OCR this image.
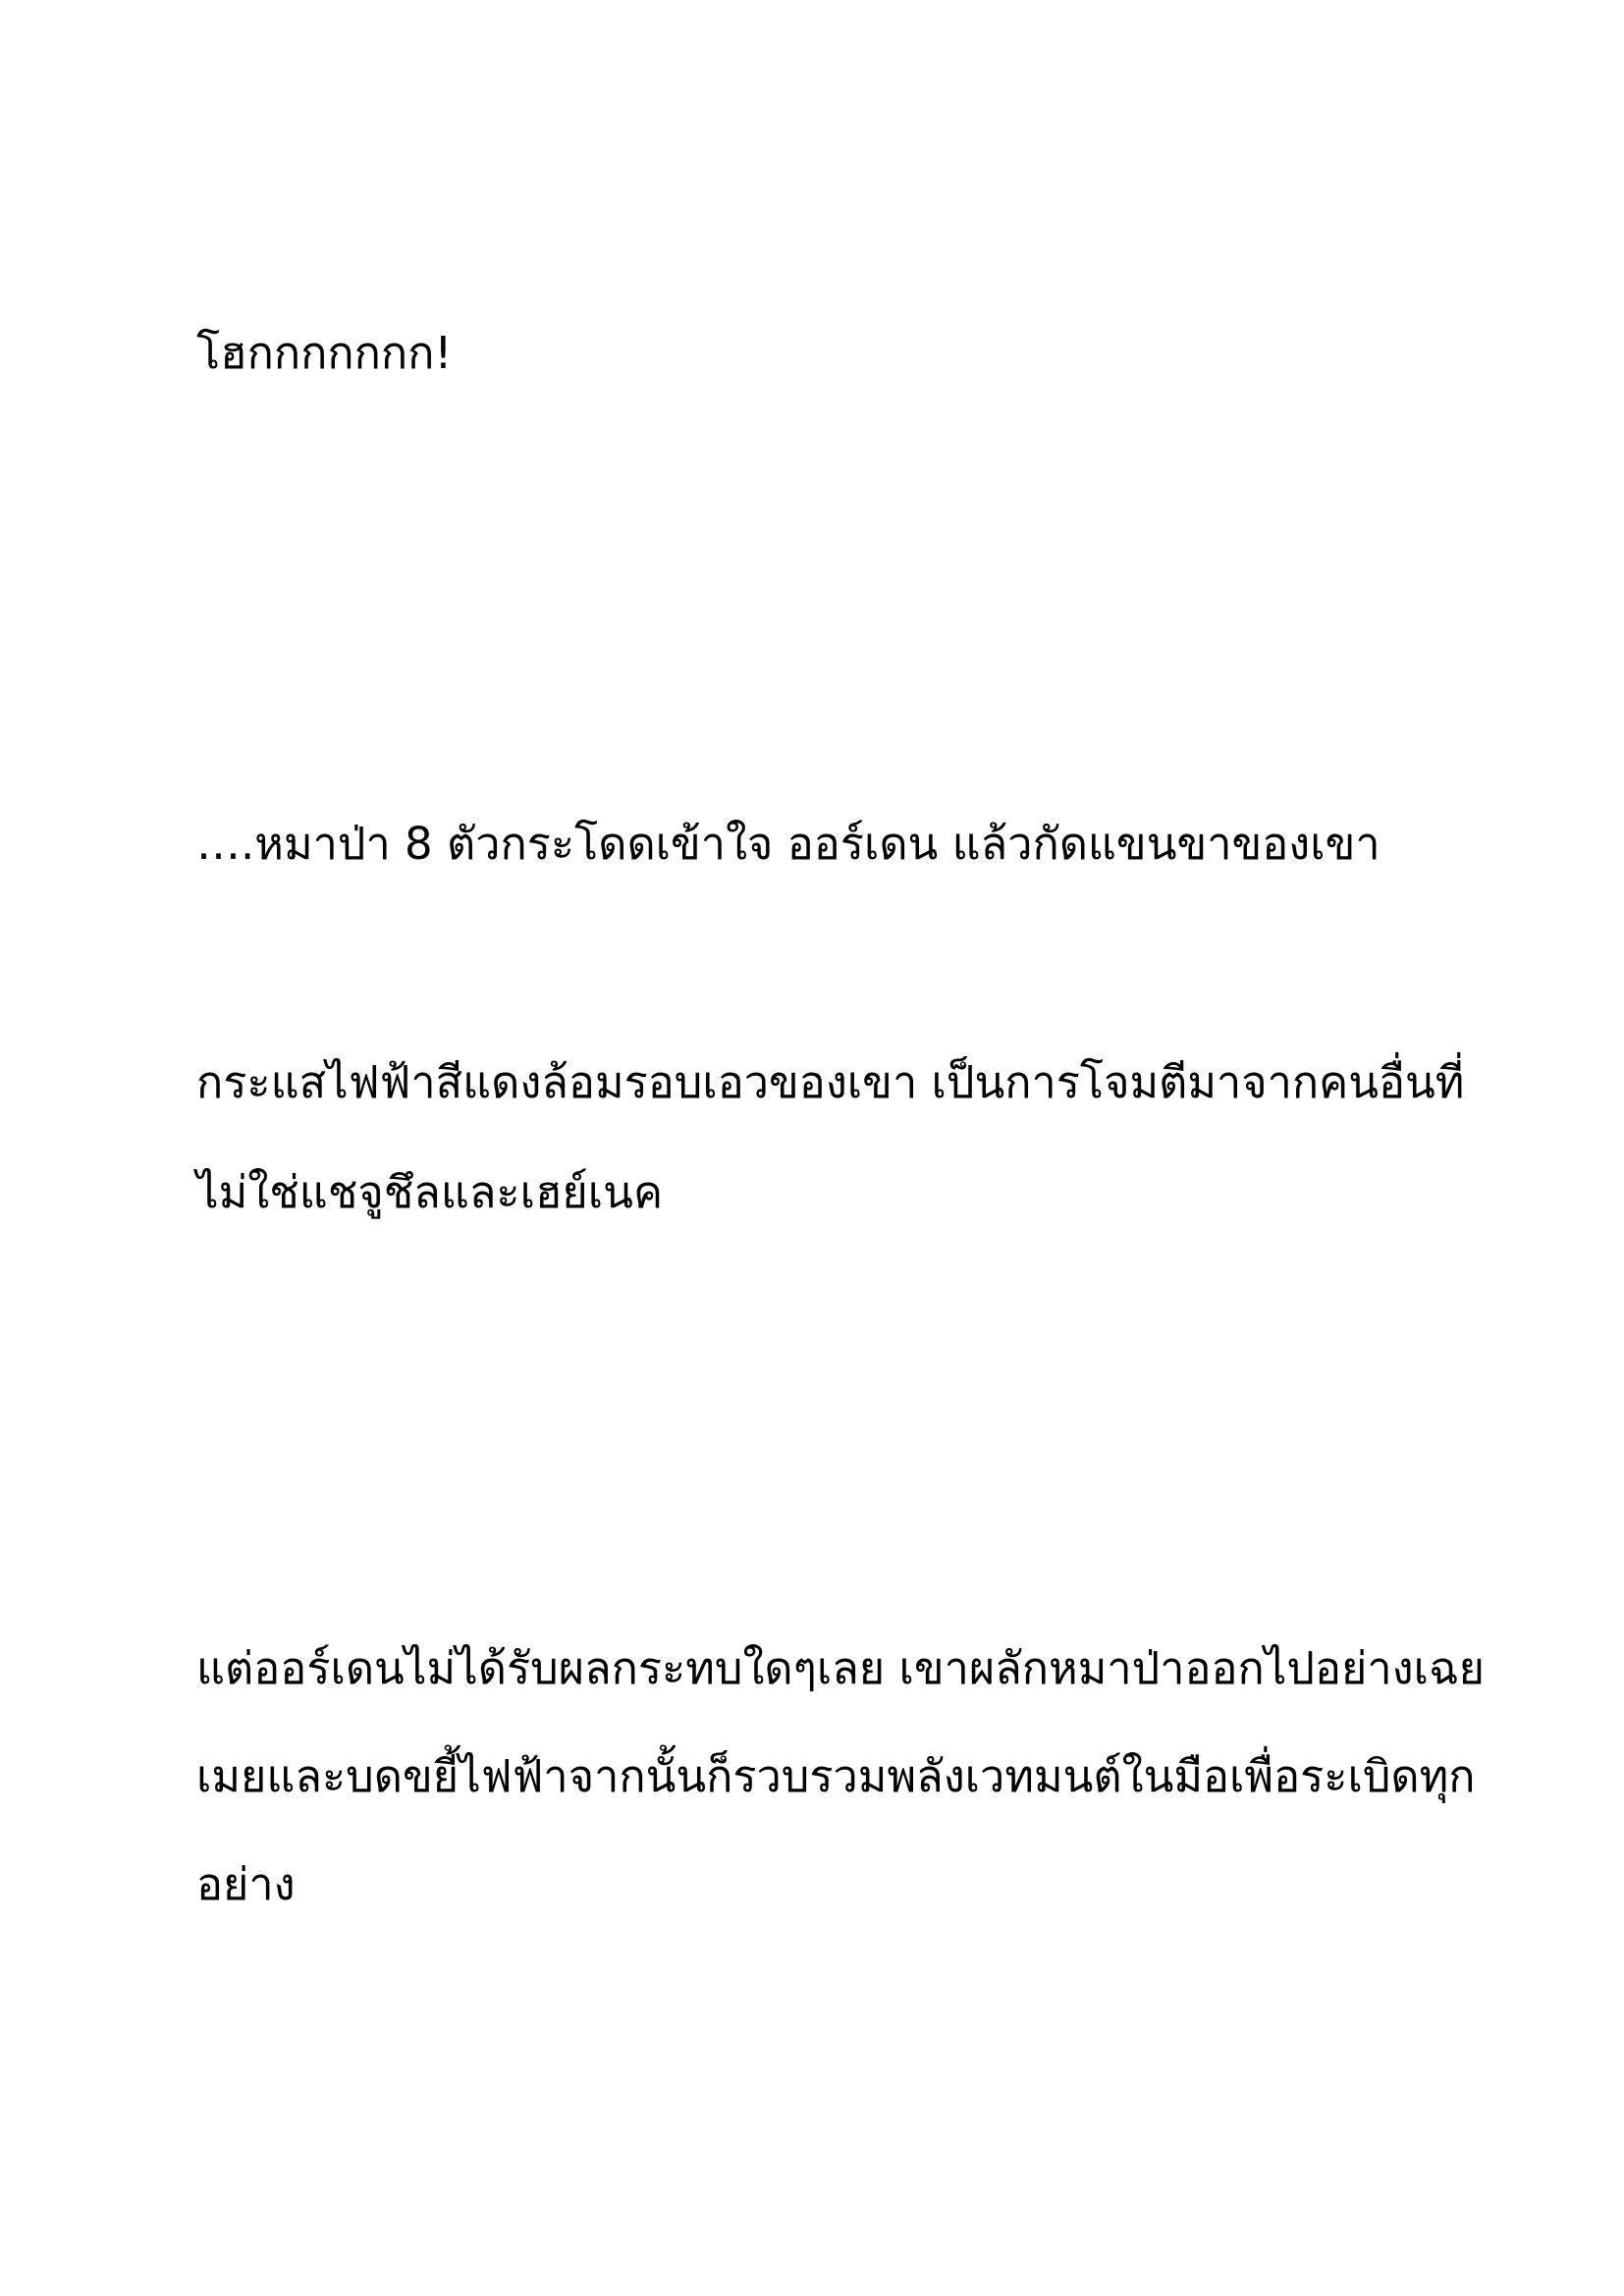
โฮกกกกกกก!
….หมาป่า 8 ตัวกระโดดเข้าใจ ออร์เดน แล้วกัดแขนขาของเขา
กระแสไฟฟ้าสีแดงล้อมรอบเอวของเขา เป็นการโจมตีมาจากคนอื่นที่
ไม่ใช่แชจูชึลและเฮย์เนค
แต่ออร์เดนไม่ได้รับผลกระทบใดๆเลย เขาผลักหมาป่าออกไปอย่างเฉย
เมยและบดขยี้ไฟฟ้าจากนั้นก็รวบรวมพลังเวทมนต์ในมือเพื่อระเบิดทุก
อย่าง
